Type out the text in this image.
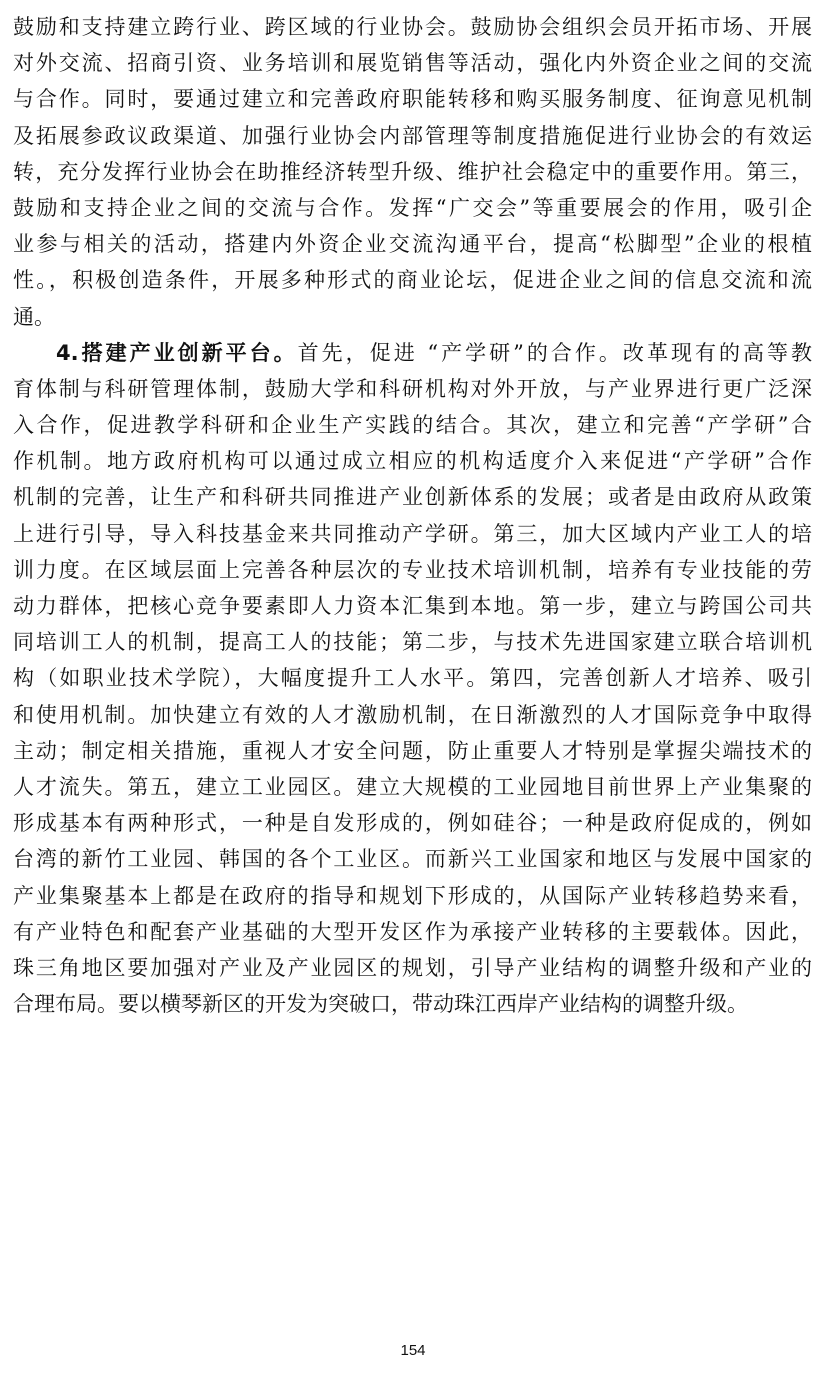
鼓励和支持建立跨行业、跨区域的行业协会。鼓励协会组织会员开拓市场、开展
对外交流、招商引资、业务培训和展览销售等活动，强化内外资企业之间的交流
与合作。同时，要通过建立和完善政府职能转移和购买服务制度、征询意见机制
及拓展参政议政渠道、加强行业协会内部管理等制度措施促进行业协会的有效运
转，充分发挥行业协会在助推经济转型升级、维护社会稳定中的重要作用。第三，
鼓励和支持企业之间的交流与合作。发挥“广交会”等重要展会的作用，吸引企
业参与相关的活动，搭建内外资企业交流沟通平台，提高“松脚型”企业的根植
性。，积极创造条件，开展多种形式的商业论坛，促进企业之间的信息交流和流
通。
4.搭建产业创新平台。首先，促进 “产学研”的合作。改革现有的高等教
育体制与科研管理体制，鼓励大学和科研机构对外开放，与产业界进行更广泛深
入合作，促进教学科研和企业生产实践的结合。其次，建立和完善“产学研”合
作机制。地方政府机构可以通过成立相应的机构适度介入来促进“产学研”合作
机制的完善，让生产和科研共同推进产业创新体系的发展；或者是由政府从政策
上进行引导，导入科技基金来共同推动产学研。第三，加大区域内产业工人的培
训力度。在区域层面上完善各种层次的专业技术培训机制，培养有专业技能的劳
动力群体，把核心竞争要素即人力资本汇集到本地。第一步，建立与跨国公司共
同培训工人的机制，提高工人的技能；第二步，与技术先进国家建立联合培训机
构（如职业技术学院），大幅度提升工人水平。第四，完善创新人才培养、吸引
和使用机制。加快建立有效的人才激励机制，在日渐激烈的人才国际竞争中取得
主动；制定相关措施，重视人才安全问题，防止重要人才特别是掌握尖端技术的
人才流失。第五，建立工业园区。建立大规模的工业园地目前世界上产业集聚的
形成基本有两种形式，一种是自发形成的，例如硅谷；一种是政府促成的，例如
台湾的新竹工业园、韩国的各个工业区。而新兴工业国家和地区与发展中国家的
产业集聚基本上都是在政府的指导和规划下形成的，从国际产业转移趋势来看，
有产业特色和配套产业基础的大型开发区作为承接产业转移的主要载体。因此，
珠三角地区要加强对产业及产业园区的规划，引导产业结构的调整升级和产业的
合理布局。要以横琴新区的开发为突破口，带动珠江西岸产业结构的调整升级。
154
